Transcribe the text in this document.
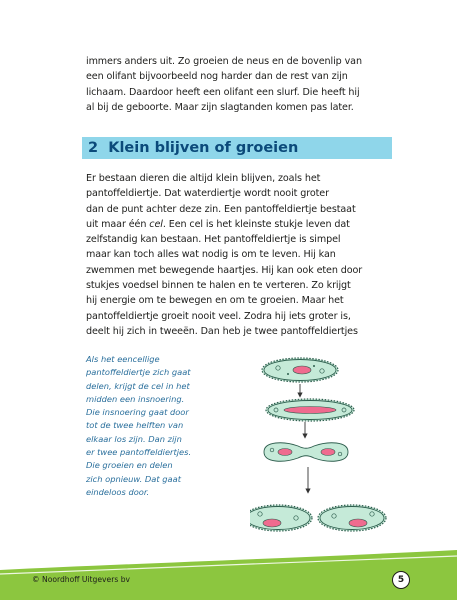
immers anders uit. Zo groeien de neus en de bovenlip van
een olifant bijvoorbeeld nog harder dan de rest van zijn
lichaam. Daardoor heeft een olifant een slurf. Die heeft hij
al bij de geboorte. Maar zijn slagtanden komen pas later.
2 Klein blijven of groeien
Er bestaan dieren die altijd klein blijven, zoals het
pantoffeldiertje. Dat waterdiertje wordt nooit groter
dan de punt achter deze zin. Een pantoffeldiertje bestaat
uit maar één cel. Een cel is het kleinste stukje leven dat
zelfstandig kan bestaan. Het pantoffeldiertje is simpel
maar kan toch alles wat nodig is om te leven. Hij kan
zwemmen met bewegende haartjes. Hij kan ook eten door
stukjes voedsel binnen te halen en te verteren. Zo krijgt
hij energie om te bewegen en om te groeien. Maar het
pantoffeldiertje groeit nooit veel. Zodra hij iets groter is,
deelt hij zich in tweeën. Dan heb je twee pantoffeldiertjes
Als het eencellige
pantoffeldiertje zich gaat
delen, krijgt de cel in het
midden een insnoering.
Die insnoering gaat door
tot de twee helften van
elkaar los zijn. Dan zijn
er twee pantoffeldiertjes.
Die groeien en delen
zich opnieuw. Dat gaat
eindeloos door.
© Noordhoff Uitgevers bv	5
